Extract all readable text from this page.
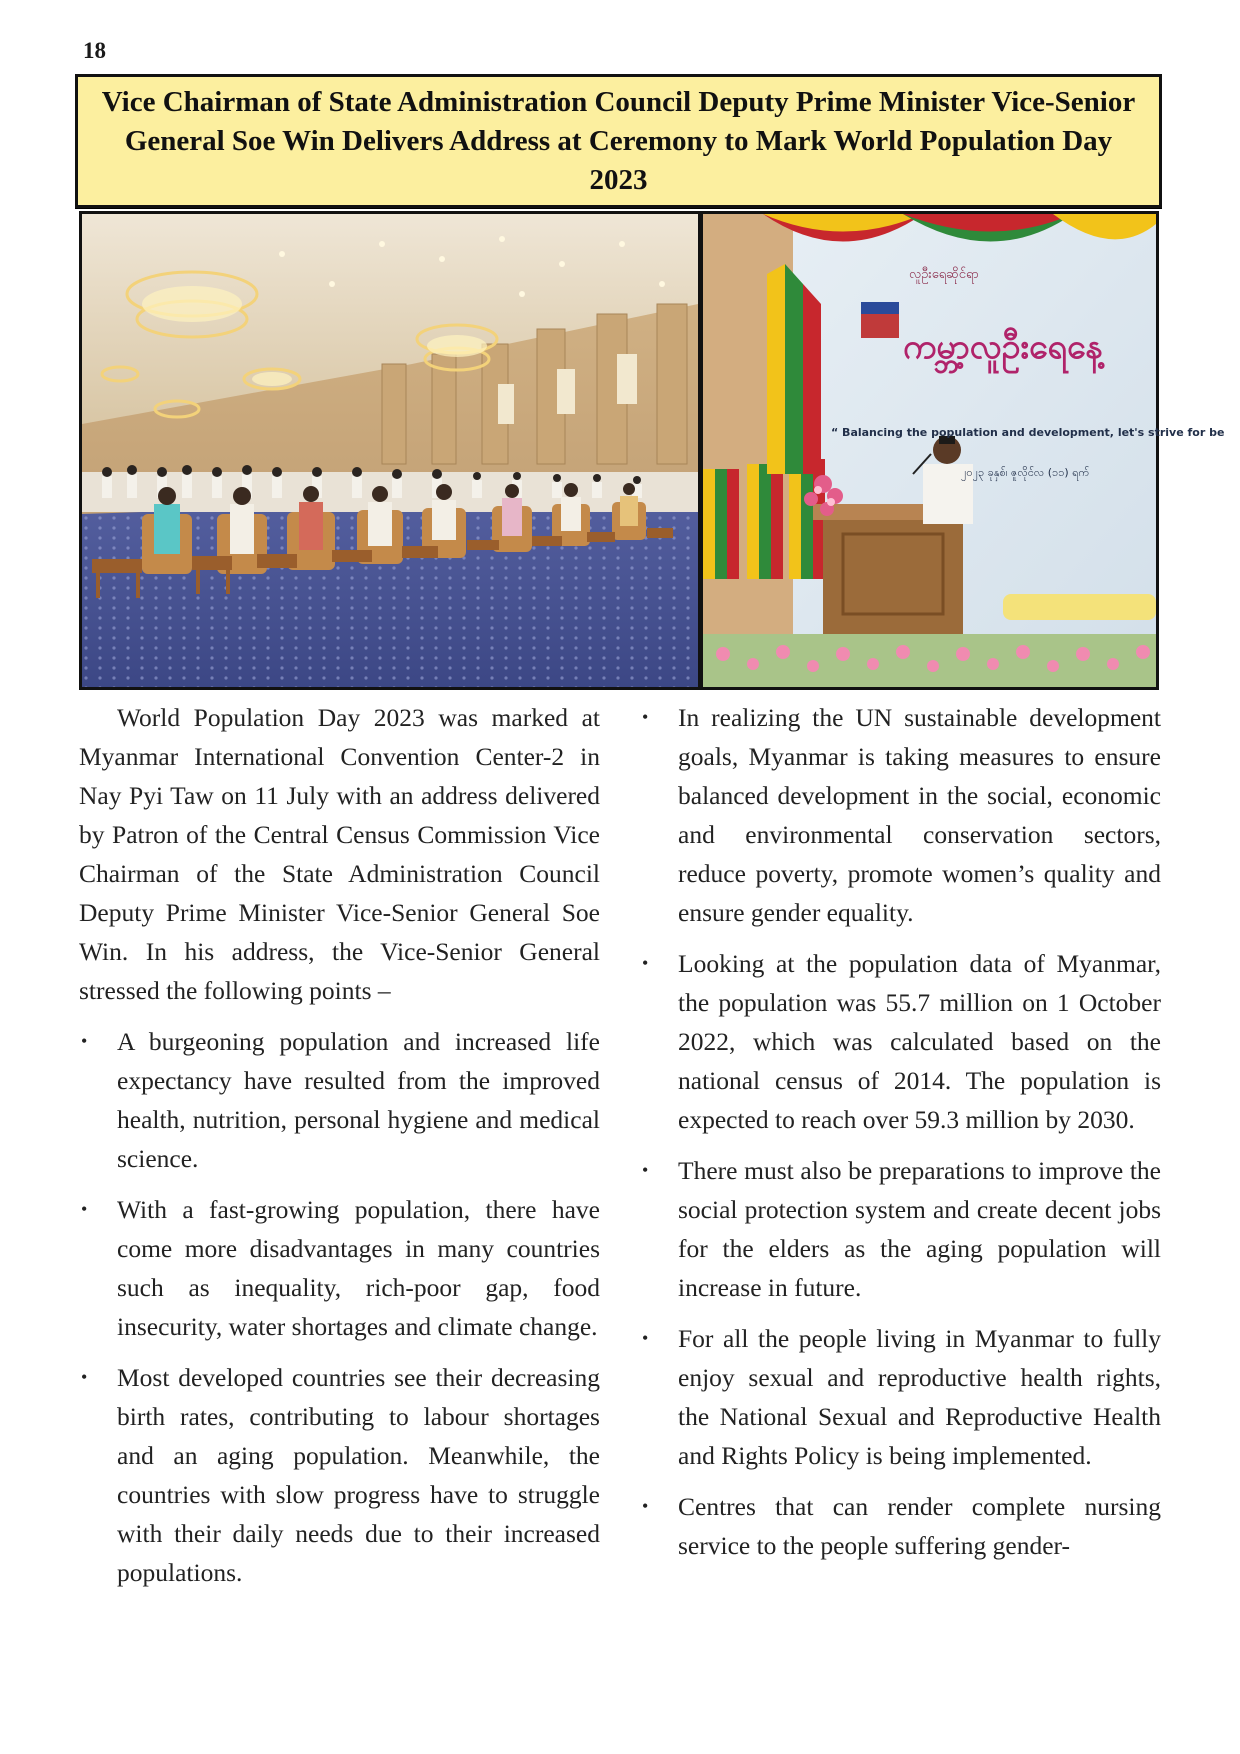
18
Vice Chairman of State Administration Council Deputy Prime Minister Vice-Senior General Soe Win Delivers Address at Ceremony to Mark World Population Day 2023
လူဦးရေဆိုင်ရာ
ကမ္ဘာ့လူဦးရေနေ့
“ Balancing the population and development, let's strive for be
၂၀၂၃ ခုနှစ်၊ ဇူလိုင်လ (၁၁) ရက်

World Population Day 2023 was marked at Myanmar International Convention Center-2 in Nay Pyi Taw on 11 July with an address delivered by Patron of the Central Census Commission Vice Chairman of the State Administration Council Deputy Prime Minister Vice-Senior General Soe Win. In his address, the Vice-Senior General stressed the following points –

• A burgeoning population and increased life expectancy have resulted from the improved health, nutrition, personal hygiene and medical science.

• With a fast-growing population, there have come more disadvantages in many countries such as inequality, rich-poor gap, food insecurity, water shortages and climate change.

• Most developed countries see their decreasing birth rates, contributing to labour shortages and an aging population. Meanwhile, the countries with slow progress have to struggle with their daily needs due to their increased populations.

• In realizing the UN sustainable development goals, Myanmar is taking measures to ensure balanced development in the social, economic and environmental conservation sectors, reduce poverty, promote women’s quality and ensure gender equality.

• Looking at the population data of Myanmar, the population was 55.7 million on 1 October 2022, which was calculated based on the national census of 2014. The population is expected to reach over 59.3 million by 2030.

• There must also be preparations to improve the social protection system and create decent jobs for the elders as the aging population will increase in future.

• For all the people living in Myanmar to fully enjoy sexual and reproductive health rights, the National Sexual and Reproductive Health and Rights Policy is being implemented.

• Centres that can render complete nursing service to the people suffering gender-
